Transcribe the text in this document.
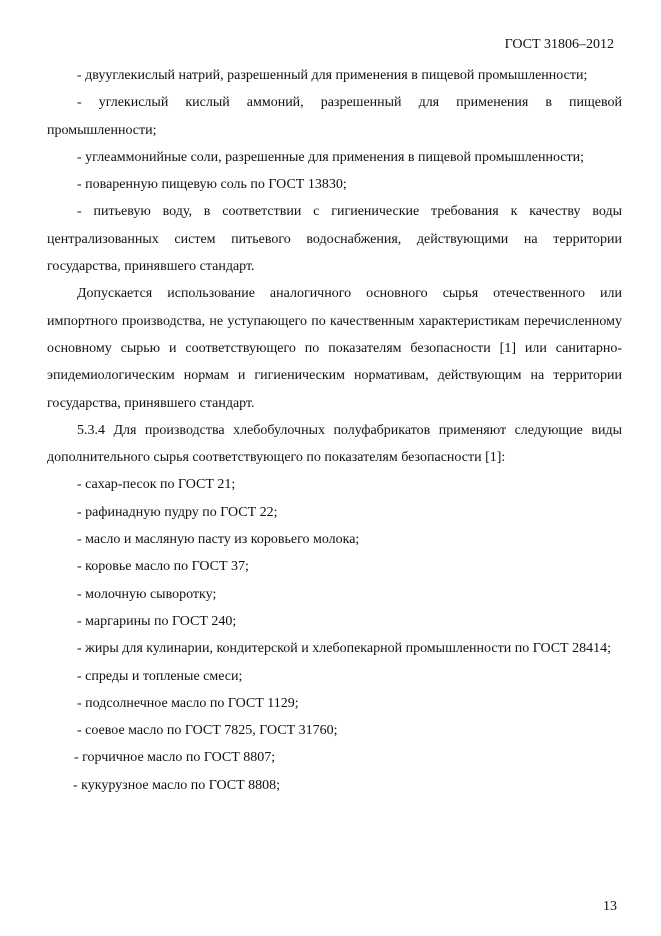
ГОСТ 31806–2012

- двууглекислый натрий, разрешенный для применения в пищевой промышленности;

- углекислый кислый аммоний, разрешенный для применения в пищевой промышленности;

- углеаммонийные соли, разрешенные для применения в пищевой промышленности;

- поваренную пищевую соль по ГОСТ 13830;

- питьевую воду, в соответствии с гигиенические требования к качеству воды централизованных систем питьевого водоснабжения, действующими на территории государства, принявшего стандарт.

Допускается использование аналогичного основного сырья отечественного или импортного производства, не уступающего по качественным характеристикам перечисленному основному сырью и соответствующего по показателям безопасности [1] или санитарно-эпидемиологическим нормам и гигиеническим нормативам, действующим на территории государства, принявшего стандарт.

5.3.4 Для производства хлебобулочных полуфабрикатов применяют следующие виды дополнительного сырья соответствующего по показателям безопасности [1]:

- сахар-песок по ГОСТ 21;

- рафинадную пудру по ГОСТ 22;

- масло и масляную пасту из коровьего молока;

- коровье масло по ГОСТ 37;

- молочную сыворотку;

- маргарины по ГОСТ 240;

- жиры для кулинарии, кондитерской и хлебопекарной промышленности по ГОСТ 28414;

- спреды и топленые смеси;

- подсолнечное масло по ГОСТ 1129;

- соевое масло по ГОСТ 7825, ГОСТ 31760;

- горчичное масло по ГОСТ 8807;

- кукурузное масло по ГОСТ 8808;

13
